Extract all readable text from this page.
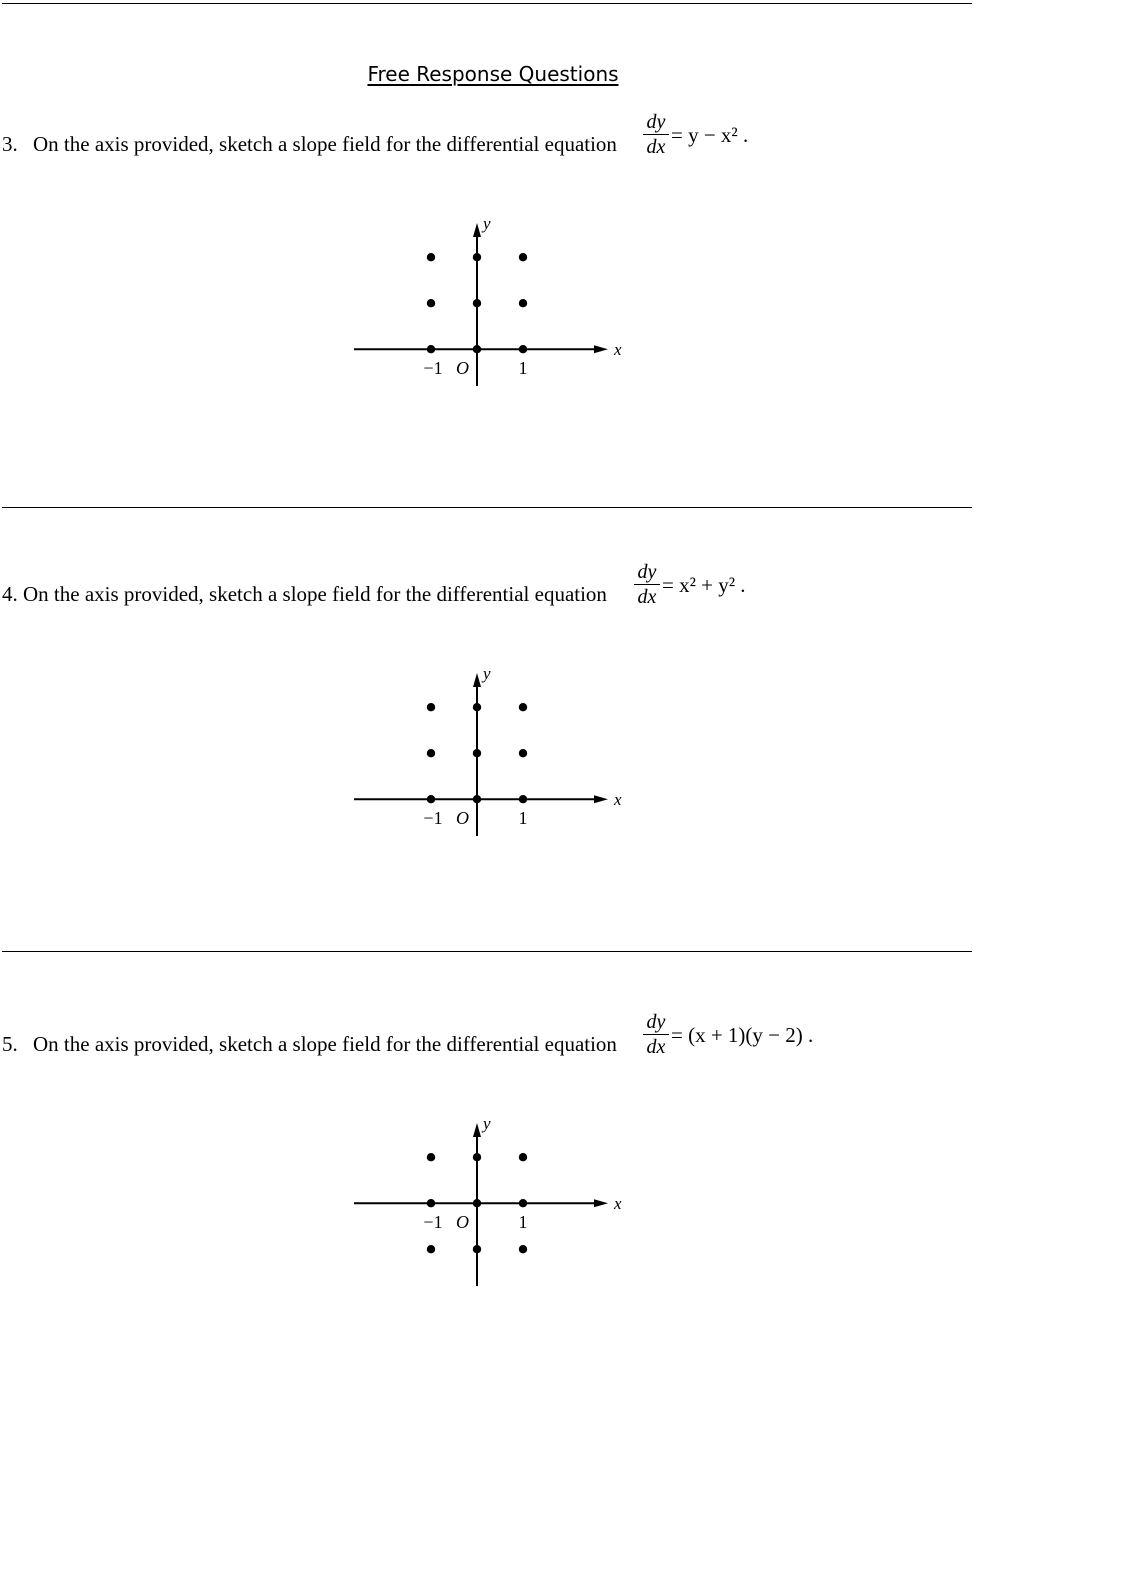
Free Response Questions
3. On the axis provided, sketch a slope field for the differential equation
dy
dx = y − x² .
x
y
O
−1	1
4. On the axis provided, sketch a slope field for the differential equation
dy
dx = x² + y² .
x
y
O
−1	1
5. On the axis provided, sketch a slope field for the differential equation
dy
dx = (x + 1)(y − 2) .
x
y
O
−1	1
